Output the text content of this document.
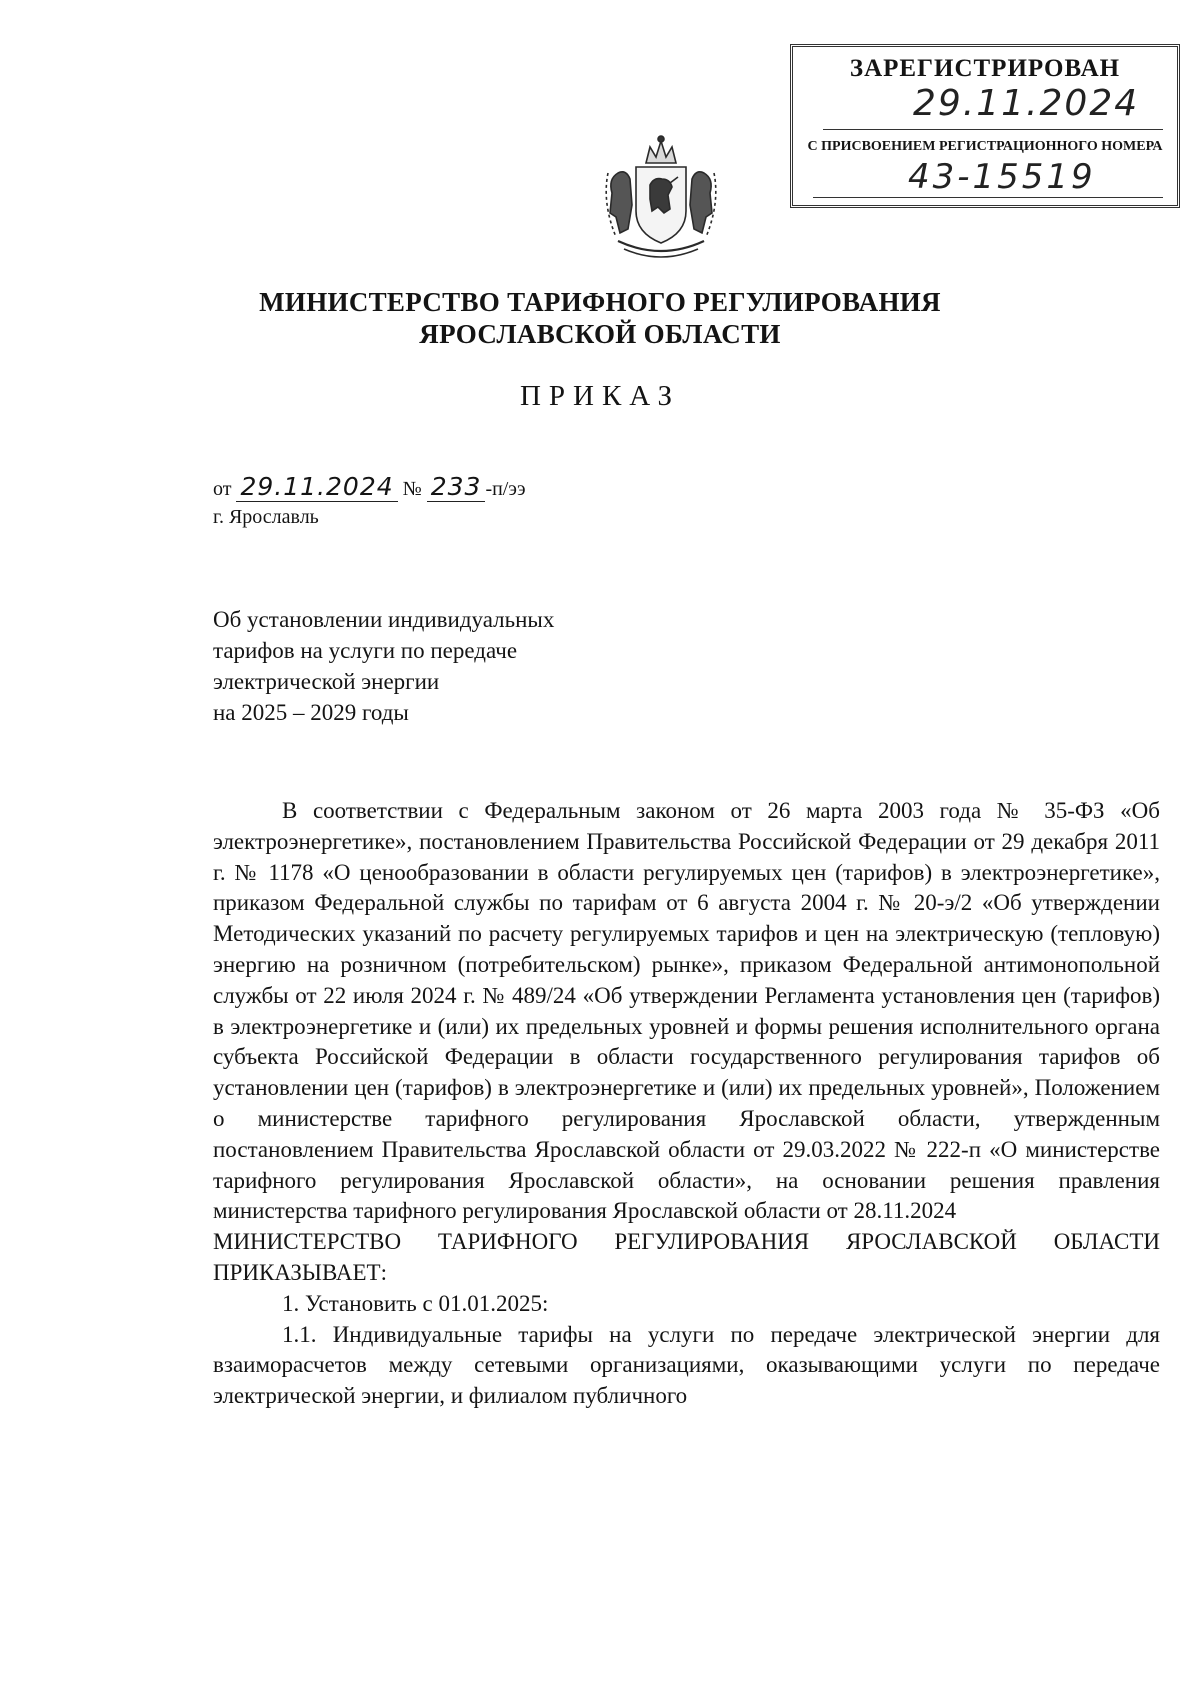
ЗАРЕГИСТРИРОВАН
29.11.2024
С ПРИСВОЕНИЕМ РЕГИСТРАЦИОННОГО НОМЕРА
43-15519
МИНИСТЕРСТВО ТАРИФНОГО РЕГУЛИРОВАНИЯ
ЯРОСЛАВСКОЙ ОБЛАСТИ
ПРИКАЗ
от 29.11.2024 № 233 -п/ээ
г. Ярославль
Об установлении индивидуальных
тарифов на услуги по передаче
электрической энергии
на 2025 – 2029 годы

В соответствии с Федеральным законом от 26 марта 2003 года № 35-ФЗ «Об электроэнергетике», постановлением Правительства Российской Федерации от 29 декабря 2011 г. № 1178 «О ценообразовании в области регулируемых цен (тарифов) в электроэнергетике», приказом Федеральной службы по тарифам от 6 августа 2004 г. № 20-э/2 «Об утверждении Методических указаний по расчету регулируемых тарифов и цен на электрическую (тепловую) энергию на розничном (потребительском) рынке», приказом Федеральной антимонопольной службы от 22 июля 2024 г. № 489/24 «Об утверждении Регламента установления цен (тарифов) в электроэнергетике и (или) их предельных уровней и формы решения исполнительного органа субъекта Российской Федерации в области государственного регулирования тарифов об установлении цен (тарифов) в электроэнергетике и (или) их предельных уровней», Положением о министерстве тарифного регулирования Ярославской области, утвержденным постановлением Правительства Ярославской области от 29.03.2022 № 222-п «О министерстве тарифного регулирования Ярославской области», на основании решения правления министерства тарифного регулирования Ярославской области от 28.11.2024

МИНИСТЕРСТВО ТАРИФНОГО РЕГУЛИРОВАНИЯ ЯРОСЛАВСКОЙ ОБЛАСТИ ПРИКАЗЫВАЕТ:

1. Установить с 01.01.2025:

1.1. Индивидуальные тарифы на услуги по передаче электрической энергии для взаиморасчетов между сетевыми организациями, оказывающими услуги по передаче электрической энергии, и филиалом публичного
